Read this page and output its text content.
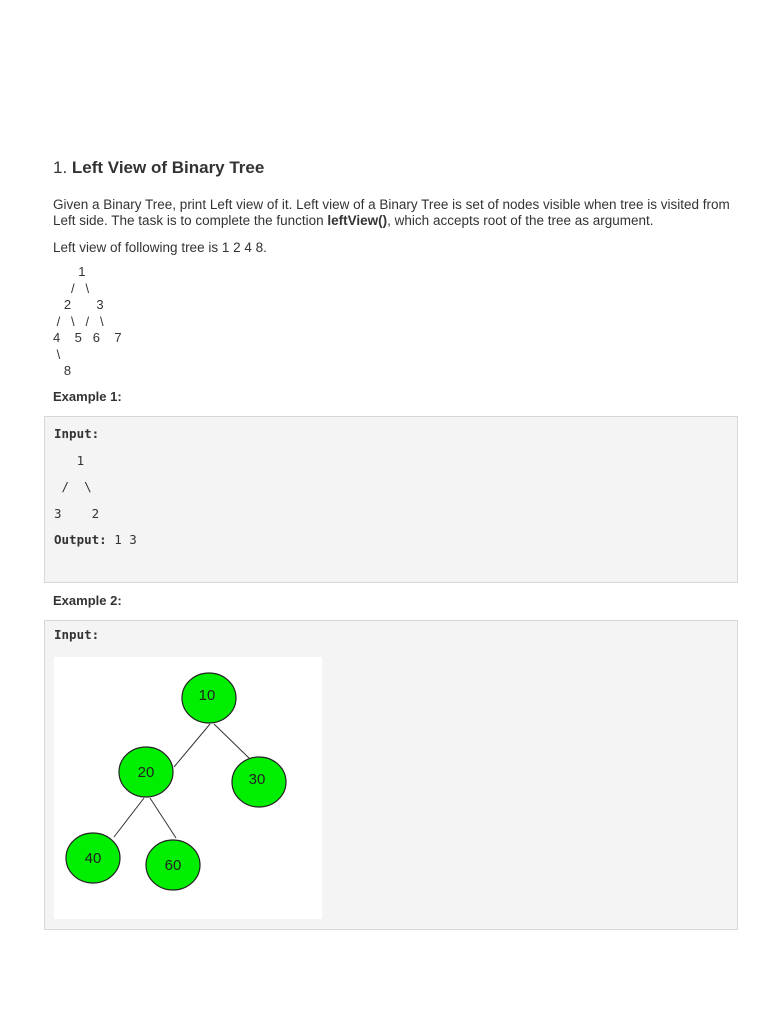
1. Left View of Binary Tree

Given a Binary Tree, print Left view of it. Left view of a Binary Tree is set of nodes visible when tree is visited from Left side. The task is to complete the function leftView(), which accepts root of the tree as argument.

Left view of following tree is 1 2 4 8.

1
/   \
2       3
/   \   /   \
4    5   6    7
\
8

Example 1:

Input:
1
/  \
3    2
Output: 1 3

Example 2:

Input:

10
20	30
40	60
